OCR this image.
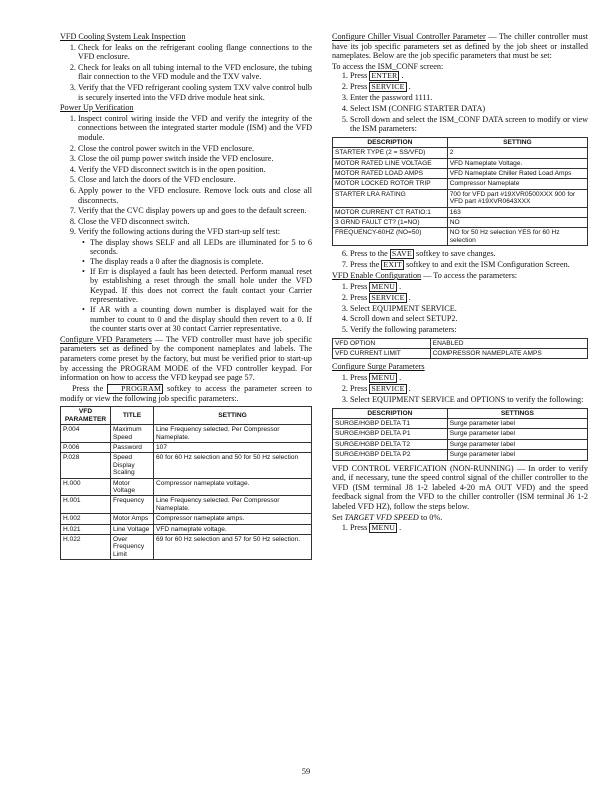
VFD Cooling System Leak Inspection
1. Check for leaks on the refrigerant cooling flange connections to the VFD enclosure.
2. Check for leaks on all tubing internal to the VFD enclosure, the tubing flair connection to the VFD module and the TXV valve.
3. Verify that the VFD refrigerant cooling system TXV valve control bulb is securely inserted into the VFD drive module heat sink.
Power Up Verification
1. Inspect control wiring inside the VFD and verify the integrity of the connections between the integrated starter module (ISM) and the VFD module.
2. Close the control power switch in the VFD enclosure.
3. Close the oil pump power switch inside the VFD enclosure.
4. Verify the VFD disconnect switch is in the open position.
5. Close and latch the doors of the VFD enclosure.
6. Apply power to the VFD enclosure. Remove lock outs and close all disconnects.
7. Verify that the CVC display powers up and goes to the default screen.
8. Close the VFD disconnect switch.
9. Verify the following actions during the VFD start-up self test:
• The display shows SELF and all LEDs are illuminated for 5 to 6 seconds.
• The display reads a 0 after the diagnosis is complete.
• If Err is displayed a fault has been detected. Perform manual reset by establishing a reset through the small hole under the VFD Keypad. If this does not correct the fault contact your Carrier representative.
• If AR with a counting down number is displayed wait for the number to count to 0 and the display should then revert to a 0. If the counter starts over at 30 contact Carrier representative.

Configure VFD Parameters — The VFD controller must have job specific parameters set as defined by the component nameplates and labels. The parameters come preset by the factory, but must be verified prior to start-up by accessing the PROGRAM MODE of the VFD controller keypad. For information on how to access the VFD keypad see page 57.

Press the PROGRAM softkey to access the parameter screen to modify or view the following job specific parameters:.

VFD PARAMETER	TITLE	SETTING
P.004	Maximum Speed	Line Frequency selected. Per Compressor Nameplate.
P.006	Password	107
P.028	Speed Display Scaling	60 for 60 Hz selection and 50 for 50 Hz selection
H.000	Motor Voltage	Compressor nameplate voltage.
H.001	Frequency	Line Frequency selected. Per Compressor Nameplate.
H.002	Motor Amps	Compressor nameplate amps.
H.021	Line Voltage	VFD nameplate voltage.
H.022	Over Frequency Limit	69 for 60 Hz selection and 57 for 50 Hz selection.

Configure Chiller Visual Controller Parameter — The chiller controller must have its job specific parameters set as defined by the job sheet or installed nameplates. Below are the job specific parameters that must be set:

To access the ISM_CONF screen:
1. Press ENTER .
2. Press SERVICE .
3. Enter the password 1111.
4. Select ISM (CONFIG STARTER DATA)
5. Scroll down and select the ISM_CONF DATA screen to modify or view the ISM parameters:
DESCRIPTION	SETTING
STARTER TYPE (2 = SS/VFD)	2
MOTOR RATED LINE VOLTAGE	VFD Nameplate Voltage.
MOTOR RATED LOAD AMPS	VFD Nameplate Chiller Rated Load Amps
MOTOR LOCKED ROTOR TRIP	Compressor Nameplate
STARTER LRA RATING	700 for VFD part #19XVR0500XXX 900 for VFD part #19XVR0643XXX
MOTOR CURRENT CT RATIO:1	163
3 GRND FAULT CT? (1=NO)	NO
FREQUENCY-60HZ (NO=50)	NO for 50 Hz selection YES for 60 Hz selection
6. Press to the SAVE softkey to save changes.
7. Press the EXIT softkey to and exit the ISM Configuration Screen.

VFD Enable Configuration — To access the parameters:

1. Press MENU .
2. Press SERVICE .
3. Select EQUIPMENT SERVICE.
4. Scroll down and select SETUP2.
5. Verify the following parameters:
VFD OPTION	ENABLED
VFD CURRENT LIMIT	COMPRESSOR NAMEPLATE AMPS
Configure Surge Parameters
1. Press MENU .
2. Press SERVICE .
3. Select EQUIPMENT SERVICE and OPTIONS to verify the following:
DESCRIPTION	SETTINGS
SURGE/HGBP DELTA T1	Surge parameter label
SURGE/HGBP DELTA P1	Surge parameter label
SURGE/HGBP DELTA T2	Surge parameter label
SURGE/HGBP DELTA P2	Surge parameter label

VFD CONTROL VERFICATION (NON-RUNNING) — In order to verify and, if necessary, tune the speed control signal of the chiller controller to the VFD (ISM terminal J8 1-2 labeled 4-20 mA OUT VFD) and the speed feedback signal from the VFD to the chiller controller (ISM terminal J6 1-2 labeled VFD HZ), follow the steps below.

Set TARGET VFD SPEED to 0%.

1. Press MENU .
59
